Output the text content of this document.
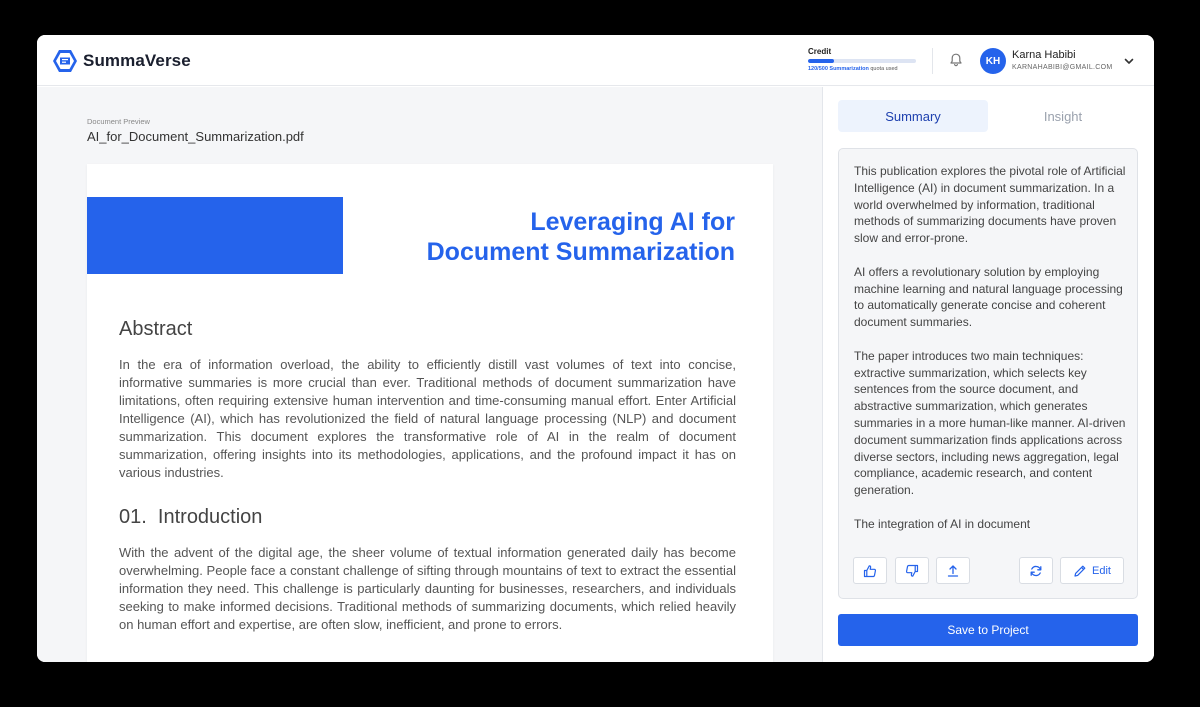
SummaVerse	Credit
120/500 Summarization quota used
KH	Karna Habibi
KARNAHABIBI@GMAIL.COM
Document Preview
AI_for_Document_Summarization.pdf
Leveraging AI for
Document Summarization
Abstract
In the era of information overload, the ability to efficiently distill vast volumes of text into concise, informative summaries is more crucial than ever. Traditional methods of document summarization have limitations, often requiring extensive human intervention and time-consuming manual effort. Enter Artificial Intelligence (AI), which has revolutionized the field of natural language processing (NLP) and document summarization. This document explores the transformative role of AI in the realm of document summarization, offering insights into its methodologies, applications, and the profound impact it has on various industries.
01.  Introduction
With the advent of the digital age, the sheer volume of textual information generated daily has become overwhelming. People face a constant challenge of sifting through mountains of text to extract the essential information they need. This challenge is particularly daunting for businesses, researchers, and individuals seeking to make informed decisions. Traditional methods of summarizing documents, which relied heavily on human effort and expertise, are often slow, inefficient, and prone to errors.
Summary	Insight

This publication explores the pivotal role of Artificial Intelligence (AI) in document summarization. In a world overwhelmed by information, traditional methods of summarizing documents have proven slow and error-prone.

AI offers a revolutionary solution by employing machine learning and natural language processing to automatically generate concise and coherent document summaries.

The paper introduces two main techniques: extractive summarization, which selects key sentences from the source document, and abstractive summarization, which generates summaries in a more human-like manner. AI-driven document summarization finds applications across diverse sectors, including news aggregation, legal compliance, academic research, and content generation.

The integration of AI in document

Edit
Save to Project
